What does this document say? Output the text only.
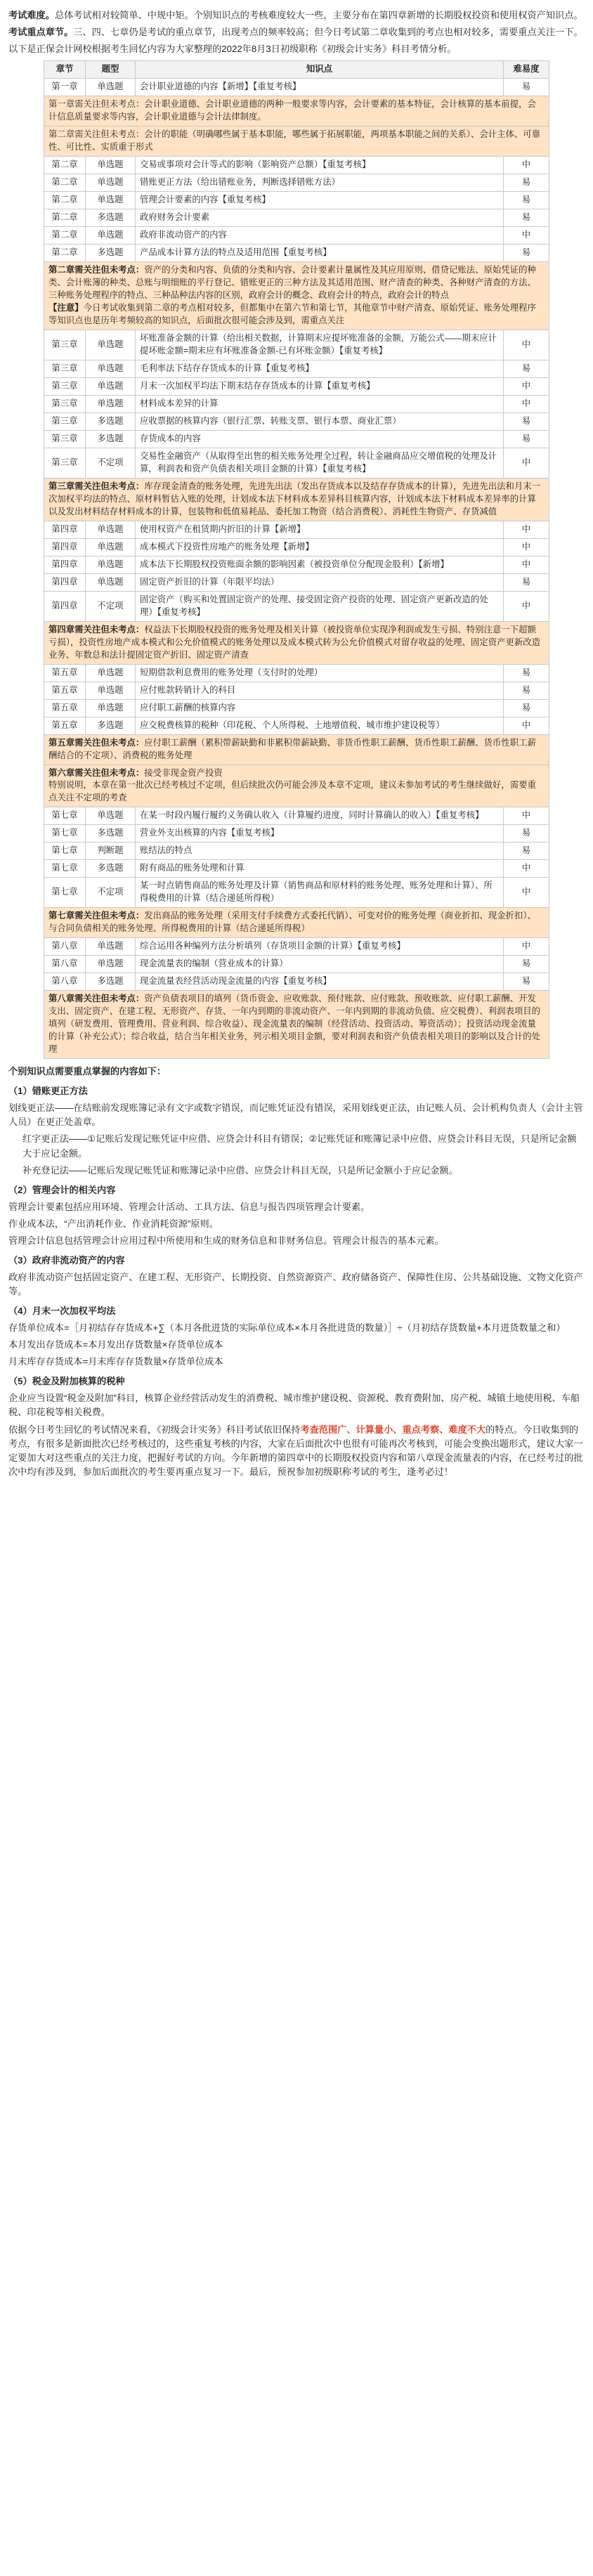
考试难度。总体考试相对较简单、中规中矩。个别知识点的考核难度较大一些，主要分布在第四章新增的长期股权投资和使用权资产知识点。

考试重点章节。三、四、七章仍是考试的重点章节，出现考点的频率较高；但今日考试第二章收集到的考点也相对较多，需要重点关注一下。

以下是正保会计网校根据考生回忆内容为大家整理的2022年8月3日初级职称《初级会计实务》科目考情分析。

章节	题型	知识点	难易度
第一章	单选题	会计职业道德的内容【新增】【重复考核】	易
第一章需关注但未考点：会计职业道德、会计职业道德的两种一般要求等内容，会计要素的基本特征，会计核算的基本前提，会计信息质量要求等内容，会计职业道德与会计法律制度。			
第二章需关注但未考点：会计的职能（明确哪些属于基本职能，哪些属于拓展职能，两项基本职能之间的关系）、会计主体、可靠性、可比性、实质重于形式			
第二章	单选题	交易或事项对会计等式的影响（影响资产总额）【重复考核】	中
第二章	单选题	错账更正方法（给出错账业务，判断选择错账方法）	易
第二章	单选题	管理会计要素的内容【重复考核】	易
第二章	多选题	政府财务会计要素	易
第二章	单选题	政府非流动资产的内容	中
第二章	多选题	产品成本计算方法的特点及适用范围【重复考核】	易
第二章需关注但未考点：资产的分类和内容、负债的分类和内容、会计要素计量属性及其应用原则、借贷记账法、原始凭证的种类、会计账簿的种类、总账与明细账的平行登记、错账更正的三种方法及其适用范围、财产清查的种类、各种财产清查的方法、三种账务处理程序的特点、三种品种法内容的区别，政府会计的概念、政府会计的特点，政府会计的特点
【注意】今日考试收集到第二章的考点相对较多，但都集中在第六节和第七节，其他章节中财产清查、原始凭证、账务处理程序等知识点也是历年考频较高的知识点，后面批次很可能会涉及到，需重点关注			
第三章	单选题	坏账准备金额的计算（给出相关数据，计算期末应提坏账准备的金额，万能公式——期末应计提坏账金额=期末应有坏账准备金额-已有坏账金额）【重复考核】	中
第三章	单选题	毛利率法下结存存货成本的计算【重复考核】	易
第三章	单选题	月末一次加权平均法下期末结存存货成本的计算【重复考核】	中
第三章	单选题	材料成本差异的计算	中
第三章	多选题	应收票据的核算内容（银行汇票、转账支票、银行本票、商业汇票）	易
第三章	多选题	存货成本的内容	易
第三章	不定项	交易性金融资产（从取得至出售的相关账务处理全过程，转让金融商品应交增值税的处理及计算，利润表和资产负债表相关项目金额的计算）【重复考核】	中
第三章需关注但未考点：库存现金清查的账务处理，先进先出法（发出存货成本以及结存存货成本的计算），先进先出法和月末一次加权平均法的特点、原材料暂估入账的处理，计划成本法下材料成本差异科目核算内容，计划成本法下材料成本差异率的计算以及发出材料结存材料成本的计算，包装物和低值易耗品、委托加工物资（结合消费税）、消耗性生物资产、存货减值			
第四章	单选题	使用权资产在租赁期内折旧的计算【新增】	中
第四章	单选题	成本模式下投资性房地产的账务处理【新增】	中
第四章	单选题	成本法下长期股权投资账面余额的影响因素（被投资单位分配现金股利）【新增】	中
第四章	单选题	固定资产折旧的计算（年限平均法）	易
第四章	不定项	固定资产（购买和处置固定资产的处理、接受固定资产投资的处理、固定资产更新改造的处理）【重复考核】	中
第四章需关注但未考点：权益法下长期股权投资的账务处理及相关计算（被投资单位实现净利润或发生亏损、特别注意一下超额亏损），投资性房地产成本模式和公允价值模式的账务处理以及成本模式转为公允价值模式对留存收益的处理、固定资产更新改造业务、年数总和法计提固定资产折旧、固定资产清查			
第五章	单选题	短期借款利息费用的账务处理（支付时的处理）	易
第五章	单选题	应付账款转销计入的科目	易
第五章	单选题	应付职工薪酬的核算内容	易
第五章	多选题	应交税费核算的税种（印花税、个人所得税、土地增值税、城市维护建设税等）	中
第五章需关注但未考点：应付职工薪酬（累积带薪缺勤和非累积带薪缺勤、非货币性职工薪酬、货币性职工薪酬、货币性职工薪酬结合的不定项）、消费税的账务处理			
第六章需关注但未考点：接受非现金资产投资
特别说明，本章在第一批次已经考核过不定项，但后续批次仍可能会涉及本章不定项，建议未参加考试的考生继续做好，需要重点关注不定项的考查			
第七章	单选题	在某一时段内履行履约义务确认收入（计算履约进度，同时计算确认的收入）【重复考核】	中
第七章	多选题	营业外支出核算的内容【重复考核】	易
第七章	判断题	账结法的特点	易
第七章	多选题	附有商品的账务处理和计算	中
第七章	不定项	某一时点销售商品的账务处理及计算（销售商品和原材料的账务处理、账务处理和计算）、所得税费用的计算（结合递延所得税）	中
第七章需关注但未考点：发出商品的账务处理（采用支付手续费方式委托代销）、可变对价的账务处理（商业折扣、现金折扣）、与合同负债相关的账务处理、所得税费用的计算（结合递延所得税）			
第八章	单选题	综合运用各种编列方法分析填列（存货项目金额的计算）【重复考核】	中
第八章	单选题	现金流量表的编制（营业成本的计算）	易
第八章	多选题	现金流量表经营活动现金流量的内容【重复考核】	易
第八章需关注但未考点：资产负债表项目的填列（货币资金、应收账款、预付账款、应付账款、预收账款、应付职工薪酬、开发支出、固定资产、在建工程、无形资产、存货、一年内到期的非流动资产、一年内到期的非流动负债、应交税费）、利润表项目的填列（研发费用、管理费用、营业利润、综合收益）、现金流量表的编制（经营活动、投资活动、筹资活动）；投资活动现金流量的计算（补充公式）；综合收益，结合当年相关业务，列示相关项目金额，要对利润表和资产负债表相关项目的影响以及合计的处理			

个别知识点需要重点掌握的内容如下：

（1）错账更正方法

划线更正法——在结账前发现账簿记录有文字或数字错误，而记账凭证没有错误，采用划线更正法，由记账人员、会计机构负责人（会计主管人员）在更正处盖章。

红字更正法——①记账后发现记账凭证中应借、应贷会计科目有错误；②记账凭证和账簿记录中应借、应贷会计科目无误，只是所记金额大于应记金额。

补充登记法——记账后发现记账凭证和账簿记录中应借、应贷会计科目无误，只是所记金额小于应记金额。

（2）管理会计的相关内容

管理会计要素包括应用环境、管理会计活动、工具方法、信息与报告四项管理会计要素。

作业成本法，“产出消耗作业、作业消耗资源”原则。

管理会计信息包括管理会计应用过程中所使用和生成的财务信息和非财务信息。管理会计报告的基本元素。

（3）政府非流动资产的内容

政府非流动资产包括固定资产、在建工程、无形资产、长期投资、自然资源资产、政府储备资产、保障性住房、公共基础设施、文物文化资产等。

（4）月末一次加权平均法

存货单位成本=［月初结存存货成本+∑（本月各批进货的实际单位成本×本月各批进货的数量）］÷（月初结存货数量+本月进货数量之和）

本月发出存货成本=本月发出存货数量×存货单位成本

月末库存存货成本=月末库存存货数量×存货单位成本

（5）税金及附加核算的税种

企业应当设置“税金及附加”科目，核算企业经营活动发生的消费税、城市维护建设税、资源税、教育费附加、房产税、城镇土地使用税、车船税、印花税等相关税费。

依据今日考生回忆的考试情况来看，《初级会计实务》科目考试依旧保持考查范围广、计算量小、重点考察、难度不大的特点。今日收集到的考点，有很多是新面批次已经考核过的，这些重复考核的内容，大家在后面批次中也很有可能再次考核到，可能会变换出题形式，建议大家一定要加大对这些重点的关注力度，把握好考试的方向。今年新增的第四章中的长期股权投资内容和第八章现金流量表的内容，在已经考过的批次中均有涉及到，参加后面批次的考生要再重点复习一下。最后，预祝参加初级职称考试的考生，逢考必过！
